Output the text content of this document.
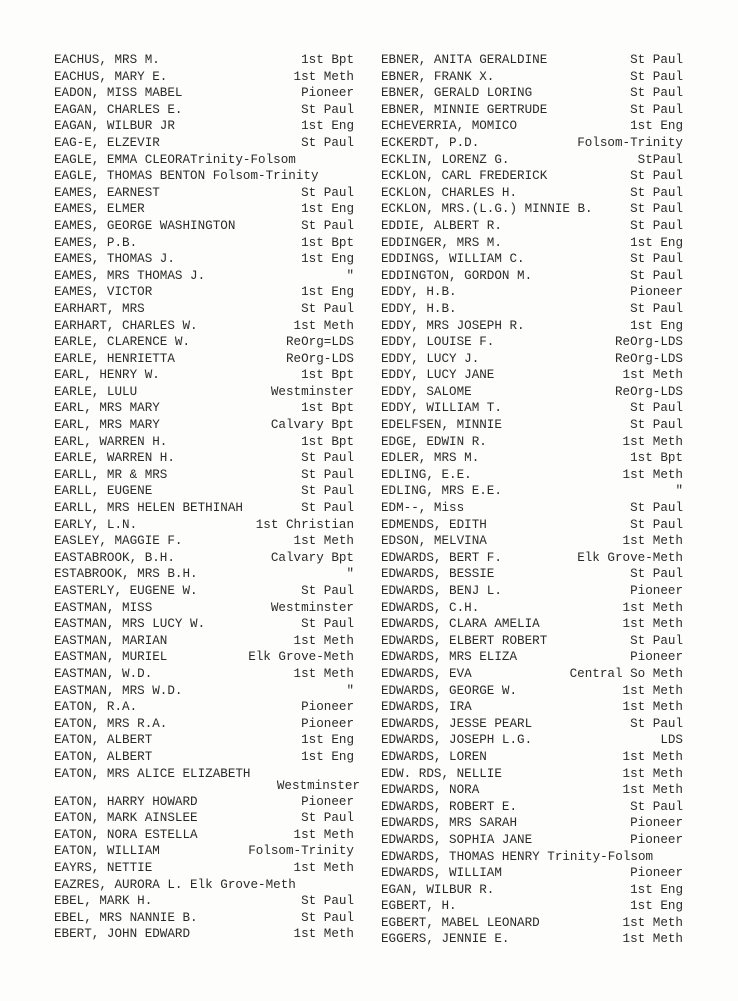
EACHUS, MRS M.	1st Bpt
EACHUS, MARY E.	1st Meth
EADON, MISS MABEL	Pioneer
EAGAN, CHARLES E.	St Paul
EAGAN, WILBUR JR	1st Eng
EAG-E, ELZEVIR	St Paul
EAGLE, EMMA CLEORATrinity-Folsom
EAGLE, THOMAS BENTON Folsom-Trinity
EAMES, EARNEST	St Paul
EAMES, ELMER	1st Eng
EAMES, GEORGE WASHINGTON	St Paul
EAMES, P.B.	1st Bpt
EAMES, THOMAS J.	1st Eng
EAMES, MRS THOMAS J.	"
EAMES, VICTOR	1st Eng
EARHART, MRS	St Paul
EARHART, CHARLES W.	1st Meth
EARLE, CLARENCE W.	ReOrg=LDS
EARLE, HENRIETTA	ReOrg-LDS
EARL, HENRY W.	1st Bpt
EARLE, LULU	Westminster
EARL, MRS MARY	1st Bpt
EARL, MRS MARY	Calvary Bpt
EARL, WARREN H.	1st Bpt
EARLE, WARREN H.	St Paul
EARLL, MR & MRS	St Paul
EARLL, EUGENE	St Paul
EARLL, MRS HELEN BETHINAH	St Paul
EARLY, L.N.	1st Christian
EASLEY, MAGGIE F.	1st Meth
EASTABROOK, B.H.	Calvary Bpt
ESTABROOK, MRS B.H.	"
EASTERLY, EUGENE W.	St Paul
EASTMAN, MISS	Westminster
EASTMAN, MRS LUCY W.	St Paul
EASTMAN, MARIAN	1st Meth
EASTMAN, MURIEL	Elk Grove-Meth
EASTMAN, W.D.	1st Meth
EASTMAN, MRS W.D.	"
EATON, R.A.	Pioneer
EATON, MRS R.A.	Pioneer
EATON, ALBERT	1st Eng
EATON, ALBERT	1st Eng
EATON, MRS ALICE ELIZABETH
Westminster
EATON, HARRY HOWARD	Pioneer
EATON, MARK AINSLEE	St Paul
EATON, NORA ESTELLA	1st Meth
EATON, WILLIAM	Folsom-Trinity
EAYRS, NETTIE	1st Meth
EAZRES, AURORA L. Elk Grove-Meth
EBEL, MARK H.	St Paul
EBEL, MRS NANNIE B.	St Paul
EBERT, JOHN EDWARD	1st Meth
EBNER, ANITA GERALDINE	St Paul
EBNER, FRANK X.	St Paul
EBNER, GERALD LORING	St Paul
EBNER, MINNIE GERTRUDE	St Paul
ECHEVERRIA, MOMICO	1st Eng
ECKERDT, P.D.	Folsom-Trinity
ECKLIN, LORENZ G.	StPaul
ECKLON, CARL FREDERICK	St Paul
ECKLON, CHARLES H.	St Paul
ECKLON, MRS.(L.G.) MINNIE B.	St Paul
EDDIE, ALBERT R.	St Paul
EDDINGER, MRS M.	1st Eng
EDDINGS, WILLIAM C.	St Paul
EDDINGTON, GORDON M.	St Paul
EDDY, H.B.	Pioneer
EDDY, H.B.	St Paul
EDDY, MRS JOSEPH R.	1st Eng
EDDY, LOUISE F.	ReOrg-LDS
EDDY, LUCY J.	ReOrg-LDS
EDDY, LUCY JANE	1st Meth
EDDY, SALOME	ReOrg-LDS
EDDY, WILLIAM T.	St Paul
EDELFSEN, MINNIE	St Paul
EDGE, EDWIN R.	1st Meth
EDLER, MRS M.	1st Bpt
EDLING, E.E.	1st Meth
EDLING, MRS E.E.	"
EDM--, Miss	St Paul
EDMENDS, EDITH	St Paul
EDSON, MELVINA	1st Meth
EDWARDS, BERT F.	Elk Grove-Meth
EDWARDS, BESSIE	St Paul
EDWARDS, BENJ L.	Pioneer
EDWARDS, C.H.	1st Meth
EDWARDS, CLARA AMELIA	1st Meth
EDWARDS, ELBERT ROBERT	St Paul
EDWARDS, MRS ELIZA	Pioneer
EDWARDS, EVA	Central So Meth
EDWARDS, GEORGE W.	1st Meth
EDWARDS, IRA	1st Meth
EDWARDS, JESSE PEARL	St Paul
EDWARDS, JOSEPH L.G.	LDS
EDWARDS, LOREN	1st Meth
EDW. RDS, NELLIE	1st Meth
EDWARDS, NORA	1st Meth
EDWARDS, ROBERT E.	St Paul
EDWARDS, MRS SARAH	Pioneer
EDWARDS, SOPHIA JANE	Pioneer
EDWARDS, THOMAS HENRY Trinity-Folsom
EDWARDS, WILLIAM	Pioneer
EGAN, WILBUR R.	1st Eng
EGBERT, H.	1st Eng
EGBERT, MABEL LEONARD	1st Meth
EGGERS, JENNIE E.	1st Meth
